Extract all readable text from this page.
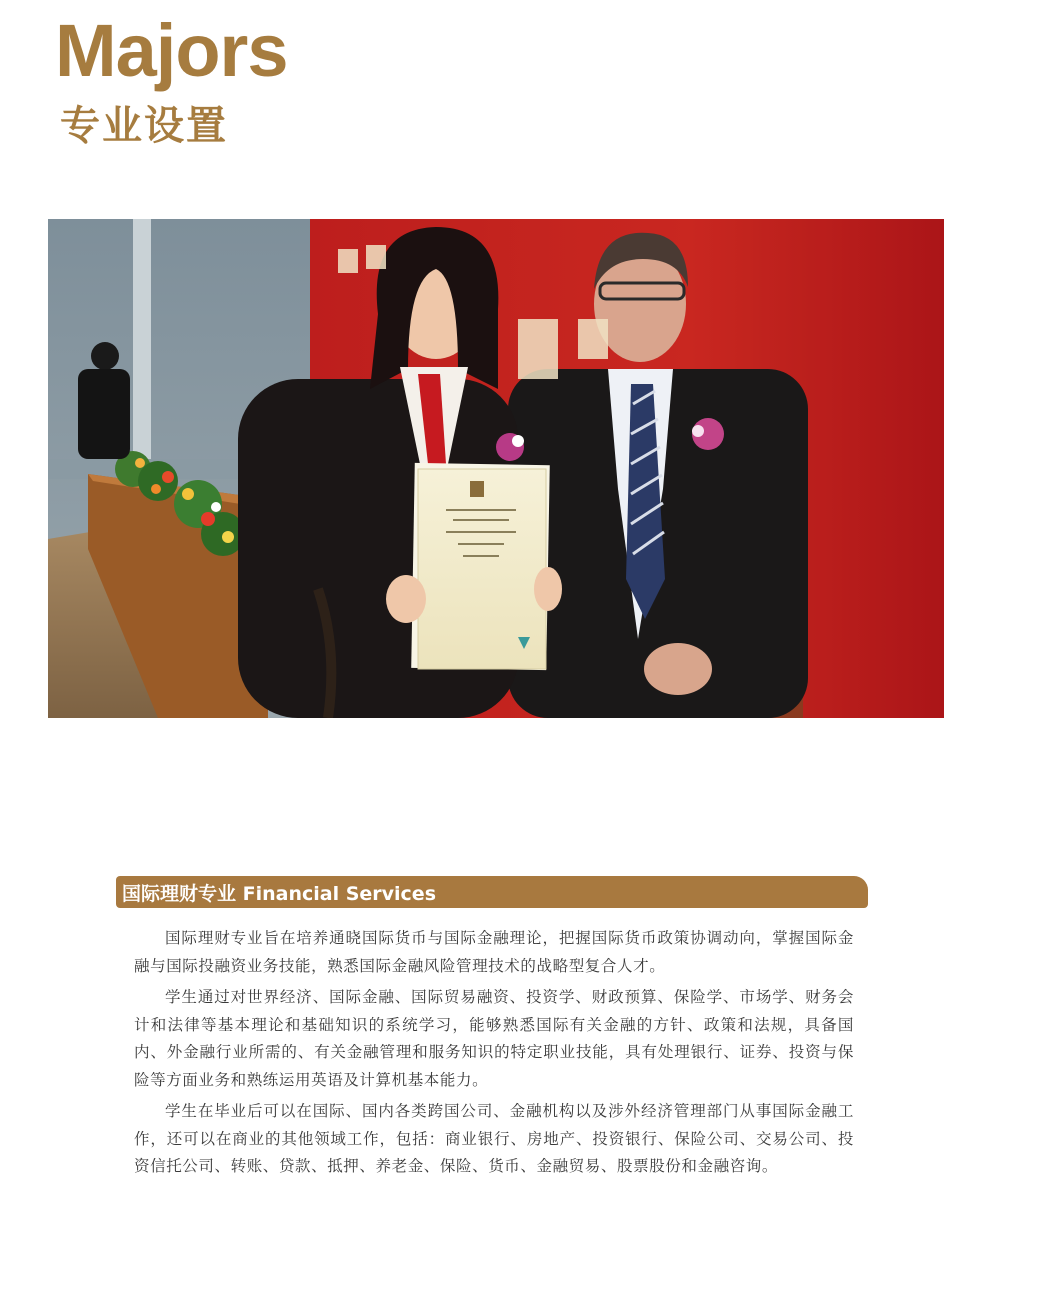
Majors
专业设置
国际理财专业 Financial Services

国际理财专业旨在培养通晓国际货币与国际金融理论，把握国际货币政策协调动向，掌握国际金融与国际投融资业务技能，熟悉国际金融风险管理技术的战略型复合人才。

学生通过对世界经济、国际金融、国际贸易融资、投资学、财政预算、保险学、市场学、财务会计和法律等基本理论和基础知识的系统学习，能够熟悉国际有关金融的方针、政策和法规，具备国内、外金融行业所需的、有关金融管理和服务知识的特定职业技能，具有处理银行、证券、投资与保险等方面业务和熟练运用英语及计算机基本能力。

学生在毕业后可以在国际、国内各类跨国公司、金融机构以及涉外经济管理部门从事国际金融工作，还可以在商业的其他领域工作，包括：商业银行、房地产、投资银行、保险公司、交易公司、投资信托公司、转账、贷款、抵押、养老金、保险、货币、金融贸易、股票股份和金融咨询。
